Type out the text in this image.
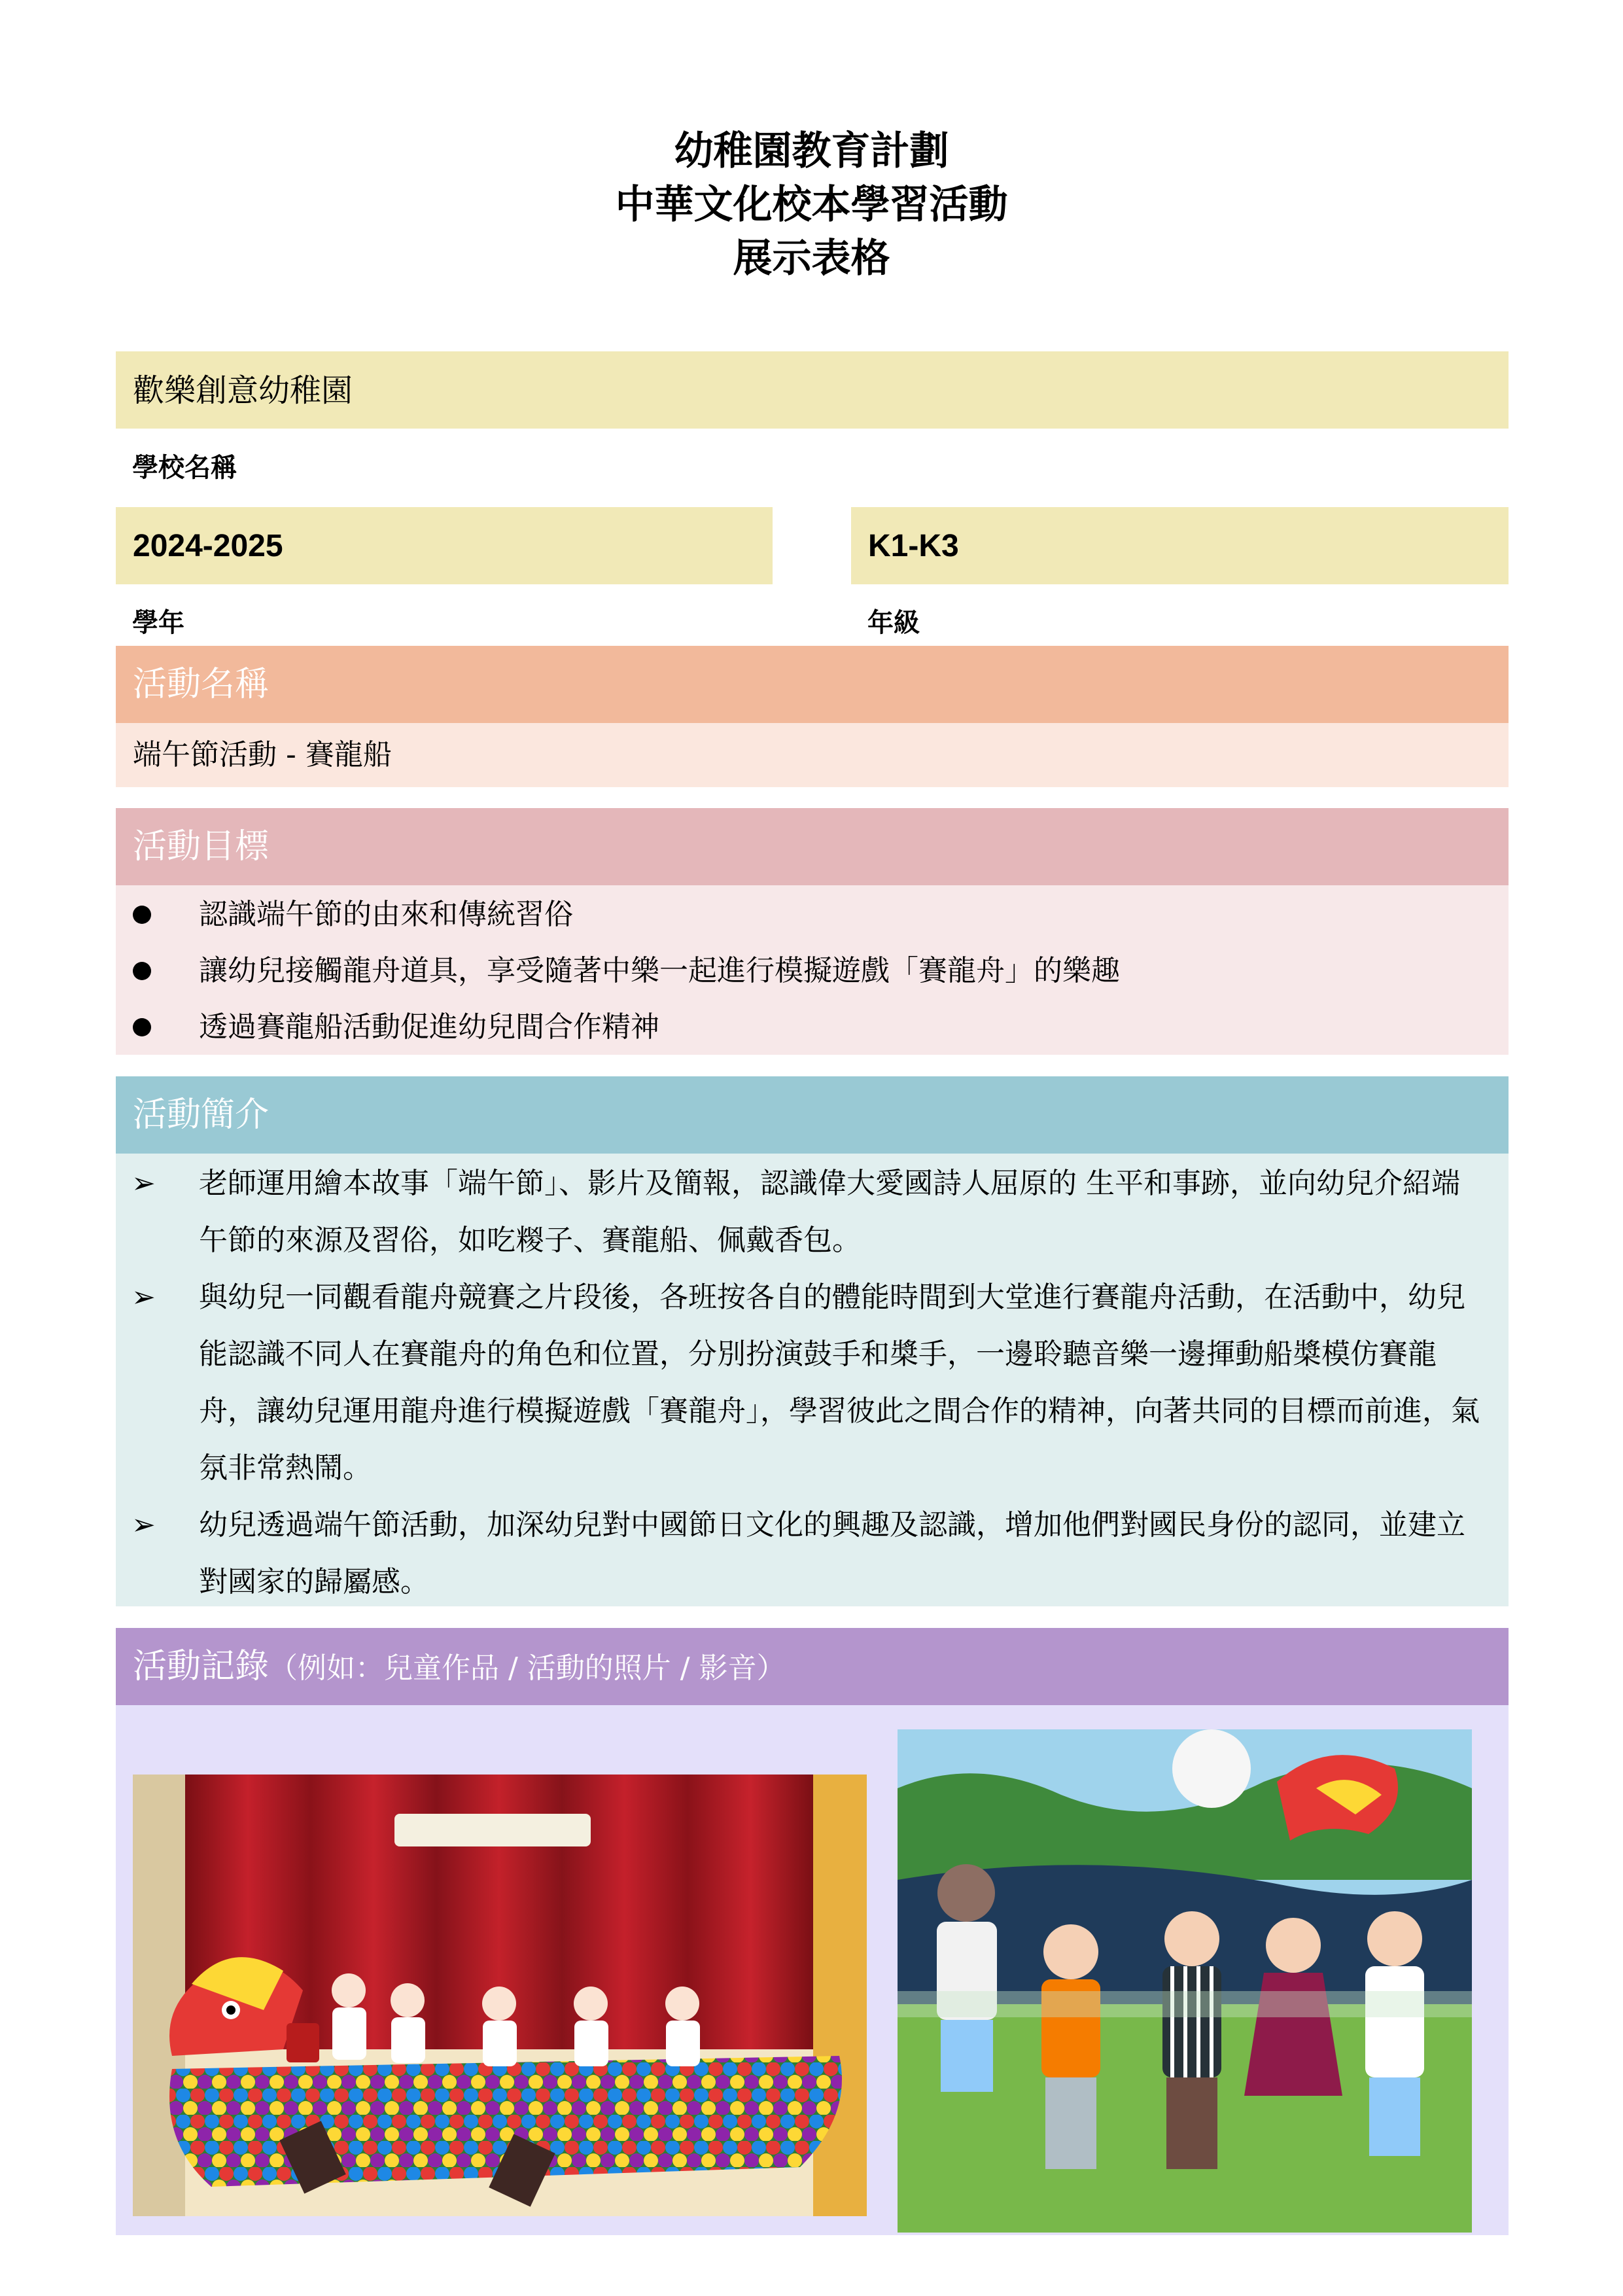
幼稚園教育計劃
中華文化校本學習活動
展示表格
歡樂創意幼稚園
學校名稱
2024-2025
學年
K1-K3
年級
活動名稱
端午節活動 - 賽龍船
活動目標
認識端午節的由來和傳統習俗
讓幼兒接觸龍舟道具，享受隨著中樂一起進行模擬遊戲「賽龍舟」的樂趣
透過賽龍船活動促進幼兒間合作精神
活動簡介
➢ 老師運用繪本故事「端午節」、影片及簡報，認識偉大愛國詩人屈原的 生平和事跡，並向幼兒介紹端午節的來源及習俗，如吃糉子、賽龍船、佩戴香包。
➢ 與幼兒一同觀看龍舟競賽之片段後，各班按各自的體能時間到大堂進行賽龍舟活動，在活動中，幼兒能認識不同人在賽龍舟的角色和位置，分別扮演鼓手和槳手，一邊聆聽音樂一邊揮動船槳模仿賽龍舟，讓幼兒運用龍舟進行模擬遊戲「賽龍舟」，學習彼此之間合作的精神，向著共同的目標而前進，氣氛非常熱鬧。
➢ 幼兒透過端午節活動，加深幼兒對中國節日文化的興趣及認識，增加他們對國民身份的認同，並建立對國家的歸屬感。
活動記錄（例如：兒童作品 / 活動的照片 / 影音）
